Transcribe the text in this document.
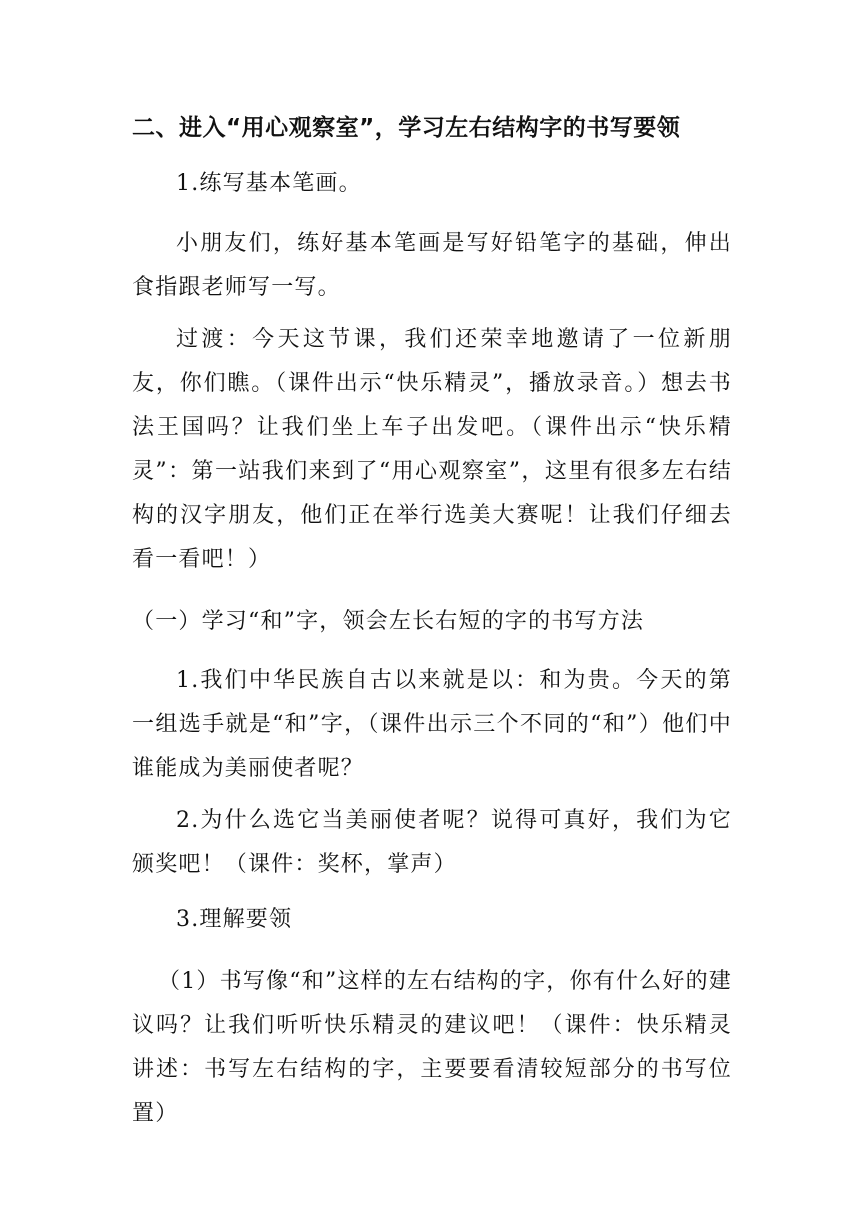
二、进入“用心观察室”，学习左右结构字的书写要领
1.练写基本笔画。
小朋友们，练好基本笔画是写好铅笔字的基础，伸出食指跟老师写一写。
过渡：今天这节课，我们还荣幸地邀请了一位新朋友，你们瞧。（课件出示“快乐精灵”，播放录音。）想去书法王国吗？让我们坐上车子出发吧。（课件出示“快乐精灵”：第一站我们来到了“用心观察室”，这里有很多左右结构的汉字朋友，他们正在举行选美大赛呢！让我们仔细去看一看吧！）
（一）学习“和”字，领会左长右短的字的书写方法
1.我们中华民族自古以来就是以：和为贵。今天的第一组选手就是“和”字，（课件出示三个不同的“和”）他们中谁能成为美丽使者呢？
2.为什么选它当美丽使者呢？说得可真好，我们为它颁奖吧！（课件：奖杯，掌声）
3.理解要领
（1）书写像“和”这样的左右结构的字，你有什么好的建议吗？让我们听听快乐精灵的建议吧！（课件：快乐精灵讲述：书写左右结构的字，主要要看清较短部分的书写位置）
